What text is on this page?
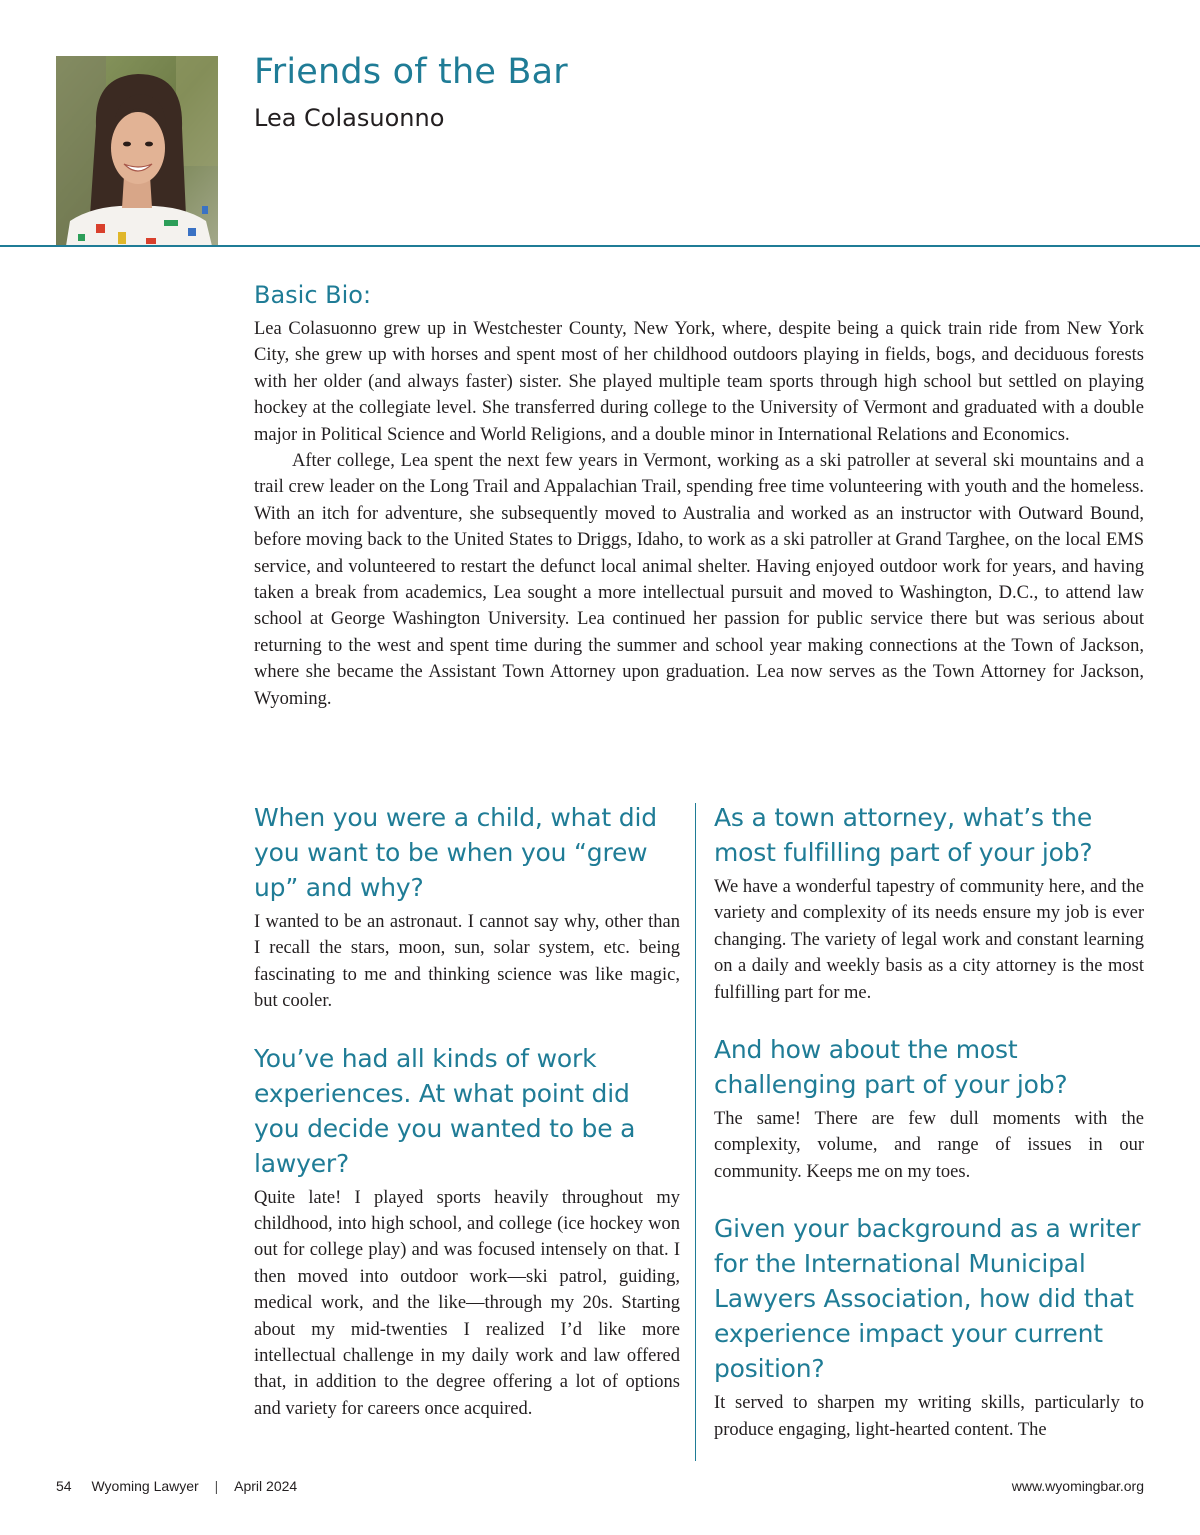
Friends of the Bar
Lea Colasuonno
Basic Bio:

Lea Colasuonno grew up in Westchester County, New York, where, despite being a quick train ride from New York City, she grew up with horses and spent most of her childhood outdoors playing in fields, bogs, and deciduous forests with her older (and always faster) sister. She played multiple team sports through high school but settled on playing hockey at the collegiate level. She transferred during college to the University of Vermont and graduated with a double major in Political Science and World Religions, and a double minor in International Relations and Economics.

After college, Lea spent the next few years in Vermont, working as a ski patroller at several ski mountains and a trail crew leader on the Long Trail and Appalachian Trail, spending free time volunteering with youth and the homeless. With an itch for adventure, she subsequently moved to Australia and worked as an instructor with Outward Bound, before moving back to the United States to Driggs, Idaho, to work as a ski patroller at Grand Targhee, on the local EMS service, and volunteered to restart the defunct local animal shelter. Having enjoyed outdoor work for years, and having taken a break from academics, Lea sought a more intellectual pursuit and moved to Washington, D.C., to attend law school at George Washington University. Lea continued her passion for public service there but was serious about returning to the west and spent time during the summer and school year making connections at the Town of Jackson, where she became the Assistant Town Attorney upon graduation. Lea now serves as the Town Attorney for Jackson, Wyoming.

When you were a child, what did you want to be when you “grew up” and why?

I wanted to be an astronaut. I cannot say why, other than I recall the stars, moon, sun, solar system, etc. being fascinating to me and thinking science was like magic, but cooler.

You’ve had all kinds of work experiences. At what point did you decide you wanted to be a lawyer?

Quite late! I played sports heavily throughout my childhood, into high school, and college (ice hockey won out for college play) and was focused intensely on that. I then moved into outdoor work—ski patrol, guiding, medical work, and the like—through my 20s. Starting about my mid-twenties I realized I’d like more intellectual challenge in my daily work and law offered that, in addition to the degree offering a lot of options and variety for careers once acquired.

As a town attorney, what’s the most fulfilling part of your job?

We have a wonderful tapestry of community here, and the variety and complexity of its needs ensure my job is ever changing. The variety of legal work and constant learning on a daily and weekly basis as a city attorney is the most fulfilling part for me.

And how about the most challenging part of your job?

The same! There are few dull moments with the complexity, volume, and range of issues in our community. Keeps me on my toes.

Given your background as a writer for the International Municipal Lawyers Association, how did that experience impact your current position?

It served to sharpen my writing skills, particularly to produce engaging, light-hearted content. The

54 Wyoming Lawyer | April 2024	www.wyomingbar.org
